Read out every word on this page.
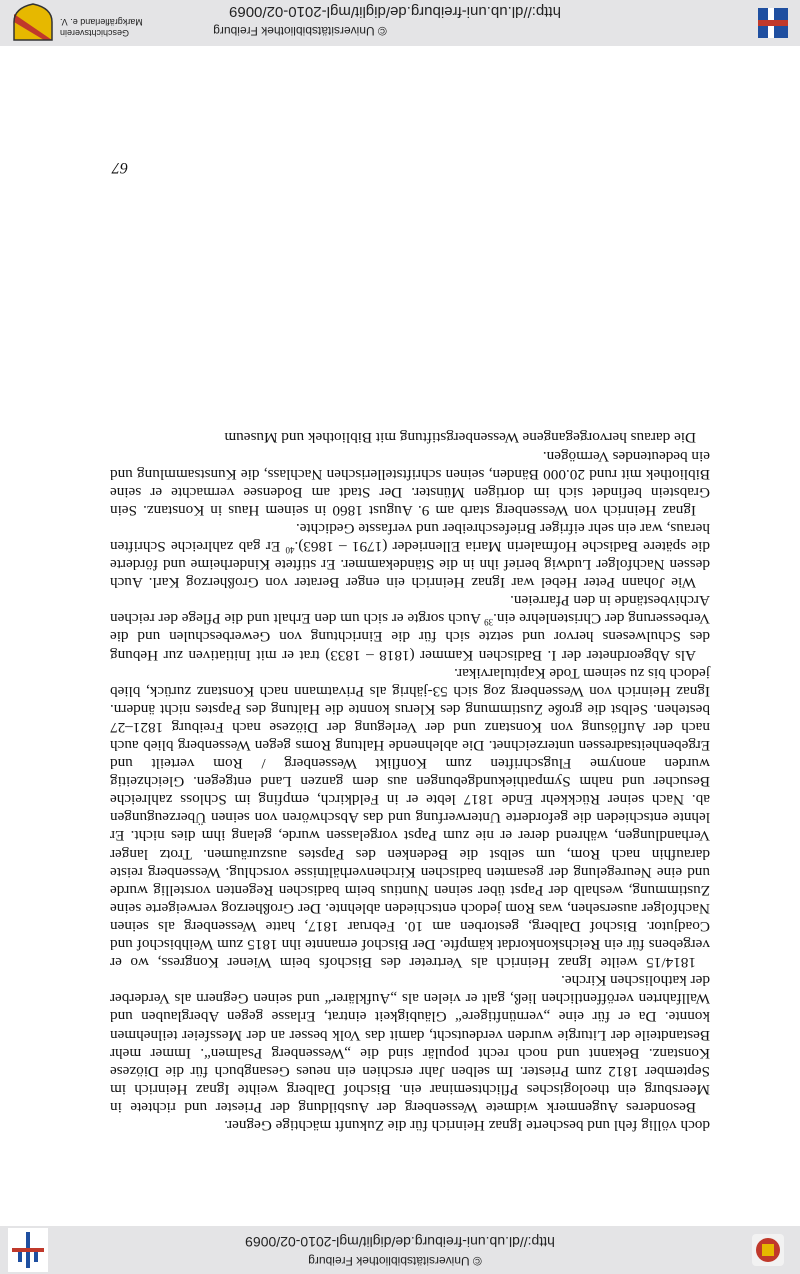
© Universitätsbibliothek Freiburg
http://dl.ub.uni-freiburg.de/diglit/mgl-2010-02/0069

doch völlig fehl und bescherte Ignaz Heinrich für die Zukunft mächtige Gegner.

Besonderes Augenmerk widmete Wessenberg der Ausbildung der Priester und richtete in Meersburg ein theologisches Pflichtseminar ein. Bischof Dalberg weihte Ignaz Heinrich im September 1812 zum Priester. Im selben Jahr erschien ein neues Gesangbuch für die Diözese Konstanz. Bekannt und noch recht populär sind die „Wessenberg Psalmen“. Immer mehr Bestandteile der Liturgie wurden verdeutscht, damit das Volk besser an der Messfeier teilnehmen konnte. Da er für eine „vernünftigere“ Gläubigkeit eintrat, Erlasse gegen Aberglauben und Wallfahrten veröffentlichen ließ, galt er vielen als „Aufklärer“ und seinen Gegnern als Verderber der katholischen Kirche.

1814/15 weilte Ignaz Heinrich als Vertreter des Bischofs beim Wiener Kongress, wo er vergebens für ein Reichskonkordat kämpfte. Der Bischof ernannte ihn 1815 zum Weihbischof und Coadjutor. Bischof Dalberg, gestorben am 10. Februar 1817, hatte Wessenberg als seinen Nachfolger ausersehen, was Rom jedoch entschieden ablehnte. Der Großherzog verweigerte seine Zustimmung, weshalb der Papst über seinen Nuntius beim badischen Regenten vorstellig wurde und eine Neuregelung der gesamten badischen Kirchenverhältnisse vorschlug. Wessenberg reiste daraufhin nach Rom, um selbst die Bedenken des Papstes auszuräumen. Trotz langer Verhandlungen, während derer er nie zum Papst vorgelassen wurde, gelang ihm dies nicht. Er lehnte entschieden die geforderte Unterwerfung und das Abschwören von seinen Überzeugungen ab. Nach seiner Rückkehr Ende 1817 lebte er in Feldkirch, empfing im Schloss zahlreiche Besucher und nahm Sympathiekundgebungen aus dem ganzen Land entgegen. Gleichzeitig wurden anonyme Flugschriften zum Konflikt Wessenberg / Rom verteilt und Ergebenheitsadressen unterzeichnet. Die ablehnende Haltung Roms gegen Wessenberg blieb auch nach der Auflösung von Konstanz und der Verlegung der Diözese nach Freiburg 1821–27 bestehen. Selbst die große Zustimmung des Klerus konnte die Haltung des Papstes nicht ändern. Ignaz Heinrich von Wessenberg zog sich 53-jährig als Privatmann nach Konstanz zurück, blieb jedoch bis zu seinem Tode Kapitularvikar.

Als Abgeordneter der I. Badischen Kammer (1818 – 1833) trat er mit Initiativen zur Hebung des Schulwesens hervor und setzte sich für die Einrichtung von Gewerbeschulen und die Verbesserung der Christenlehre ein.$^{39}$ Auch sorgte er sich um den Erhalt und die Pflege der reichen Archivbestände in den Pfarreien.

Wie Johann Peter Hebel war Ignaz Heinrich ein enger Berater von Großherzog Karl. Auch dessen Nachfolger Ludwig berief ihn in die Ständekammer. Er stiftete Kinderheime und förderte die spätere Badische Hofmalerin Maria Ellenrieder (1791 – 1863).$^{40}$ Er gab zahlreiche Schriften heraus, war ein sehr eifriger Briefeschreiber und verfasste Gedichte.

Ignaz Heinrich von Wessenberg starb am 9. August 1860 in seinem Haus in Konstanz. Sein Grabstein befindet sich im dortigen Münster. Der Stadt am Bodensee vermachte er seine Bibliothek mit rund 20.000 Bänden, seinen schriftstellerischen Nachlass, die Kunstsammlung und ein bedeutendes Vermögen.

Die daraus hervorgegangene Wessenbergstiftung mit Bibliothek und Museum

67
© Universitätsbibliothek Freiburg
http://dl.ub.uni-freiburg.de/diglit/mgl-2010-02/0069
Geschichtsverein
Markgräflerland e. V.
